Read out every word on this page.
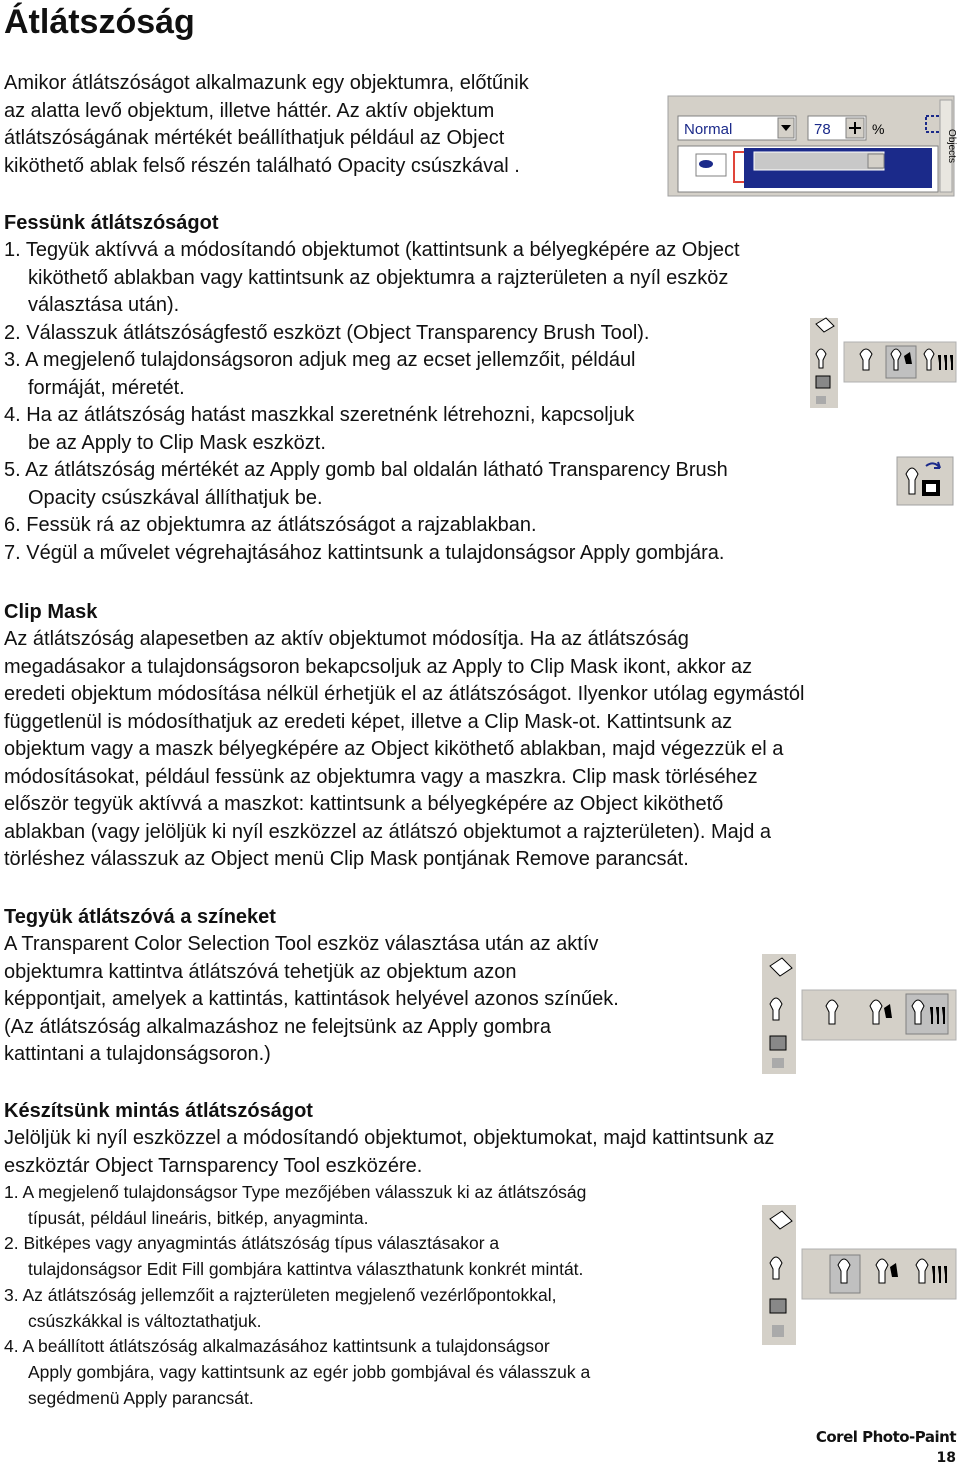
Átlátszóság

Amikor átlátszóságot alkalmazunk egy objektumra, előtűnik

az alatta levő objektum, illetve háttér. Az aktív objektum

átlátszóságának mértékét beállíthatjuk például az Object

kiköthető ablak felső részén található Opacity csúszkával .

Normal	78	%
Objects

Fessünk átlátszóságot

1. Tegyük aktívvá a módosítandó objektumot (kattintsunk a bélyegképére az Object

kiköthető ablakban vagy kattintsunk az objektumra a rajzterületen a nyíl eszköz

választása után).

2. Válasszuk átlátszóságfestő eszközt (Object Transparency Brush Tool).

3. A megjelenő tulajdonságsoron adjuk meg az ecset jellemzőit, például

formáját, méretét.

4. Ha az átlátszóság hatást maszkkal szeretnénk létrehozni, kapcsoljuk

be az Apply to Clip Mask eszközt.

5. Az átlátszóság mértékét az Apply gomb bal oldalán látható Transparency Brush

Opacity csúszkával állíthatjuk be.

6. Fessük rá az objektumra az átlátszóságot a rajzablakban.

7. Végül a művelet végrehajtásához kattintsunk a tulajdonságsor Apply gombjára.

Clip Mask

Az átlátszóság alapesetben az aktív objektumot módosítja. Ha az átlátszóság

megadásakor a tulajdonságsoron bekapcsoljuk az Apply to Clip Mask ikont, akkor az

eredeti objektum módosítása nélkül érhetjük el az átlátszóságot. Ilyenkor utólag egymástól

függetlenül is módosíthatjuk az eredeti képet, illetve a Clip Mask-ot. Kattintsunk az

objektum vagy a maszk bélyegképére az Object kiköthető ablakban, majd végezzük el a

módosításokat, például fessünk az objektumra vagy a maszkra. Clip mask törléséhez

először tegyük aktívvá a maszkot: kattintsunk a bélyegképére az Object kiköthető

ablakban (vagy jelöljük ki nyíl eszközzel az átlátszó objektumot a rajzterületen). Majd a

törléshez válasszuk az Object menü Clip Mask pontjának Remove parancsát.

Tegyük átlátszóvá a színeket

A Transparent Color Selection Tool eszköz választása után az aktív

objektumra kattintva átlátszóvá tehetjük az objektum azon

képpontjait, amelyek a kattintás, kattintások helyével azonos színűek.

(Az átlátszóság alkalmazáshoz ne felejtsünk az Apply gombra

kattintani a tulajdonságsoron.)

Készítsünk mintás átlátszóságot

Jelöljük ki nyíl eszközzel a módosítandó objektumot, objektumokat, majd kattintsunk az

eszköztár Object Tarnsparency Tool eszközére.

1. A megjelenő tulajdonságsor Type mezőjében válasszuk ki az átlátszóság

típusát, például lineáris, bitkép, anyagminta.

2. Bitképes vagy anyagmintás átlátszóság típus választásakor a

tulajdonságsor Edit Fill gombjára kattintva választhatunk konkrét mintát.

3. Az átlátszóság jellemzőit a rajzterületen megjelenő vezérlőpontokkal,

csúszkákkal is változtathatjuk.

4. A beállított átlátszóság alkalmazásához kattintsunk a tulajdonságsor

Apply gombjára, vagy kattintsunk az egér jobb gombjával és válasszuk a

segédmenü Apply parancsát.

Corel Photo-Paint
18
